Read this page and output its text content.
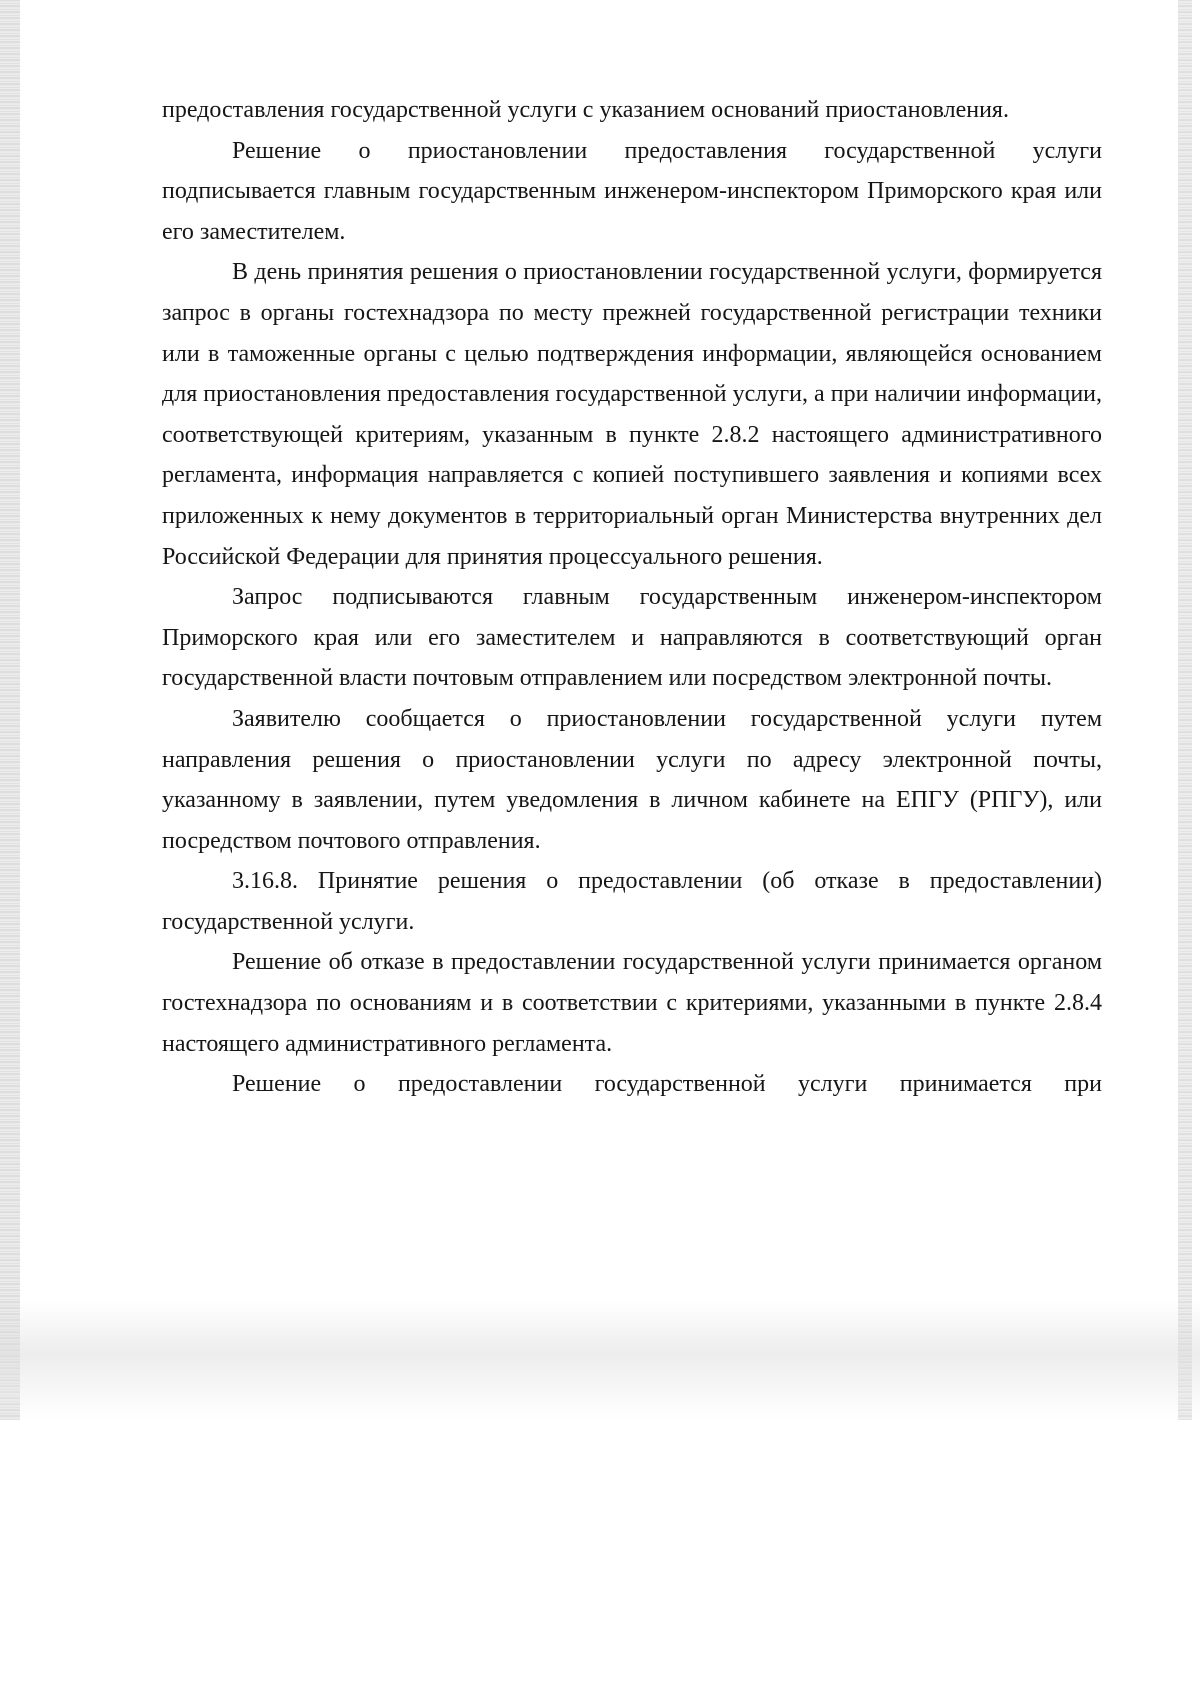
предоставления государственной услуги с указанием оснований приостановления.

Решение о приостановлении предоставления государственной услуги подписывается главным государственным инженером-инспектором Приморского края или его заместителем.

В день принятия решения о приостановлении государственной услуги, формируется запрос в органы гостехнадзора по месту прежней государственной регистрации техники или в таможенные органы с целью подтверждения информации, являющейся основанием для приостановления предоставления государственной услуги, а при наличии информации, соответствующей критериям, указанным в пункте 2.8.2 настоящего административного регламента, информация направляется с копией поступившего заявления и копиями всех приложенных к нему документов в территориальный орган Министерства внутренних дел Российской Федерации для принятия процессуального решения.

Запрос подписываются главным государственным инженером-инспектором Приморского края или его заместителем и направляются в соответствующий орган государственной власти почтовым отправлением или посредством электронной почты.

Заявителю сообщается о приостановлении государственной услуги путем направления решения о приостановлении услуги по адресу электронной почты, указанному в заявлении, путем уведомления в личном кабинете на ЕПГУ (РПГУ), или посредством почтового отправления.

3.16.8. Принятие решения о предоставлении (об отказе в предоставлении) государственной услуги.

Решение об отказе в предоставлении государственной услуги принимается органом гостехнадзора по основаниям и в соответствии с критериями, указанными в пункте 2.8.4 настоящего административного регламента.

Решение о предоставлении государственной услуги принимается при
